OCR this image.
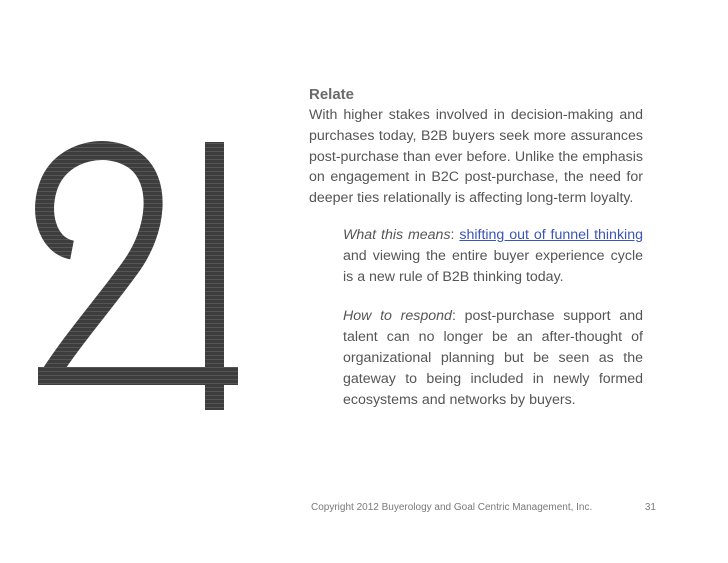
Relate
With higher stakes involved in decision-making and purchases today, B2B buyers seek more assurances post-purchase than ever before. Unlike the emphasis on engagement in B2C post-purchase, the need for deeper ties relationally is affecting long-term loyalty.
What this means: shifting out of funnel thinking and viewing the entire buyer experience cycle is a new rule of B2B thinking today.
How to respond: post-purchase support and talent can no longer be an after-thought of organizational planning but be seen as the gateway to being included in newly formed ecosystems and networks by buyers.
Copyright 2012 Buyerology and Goal Centric Management, Inc.	31
